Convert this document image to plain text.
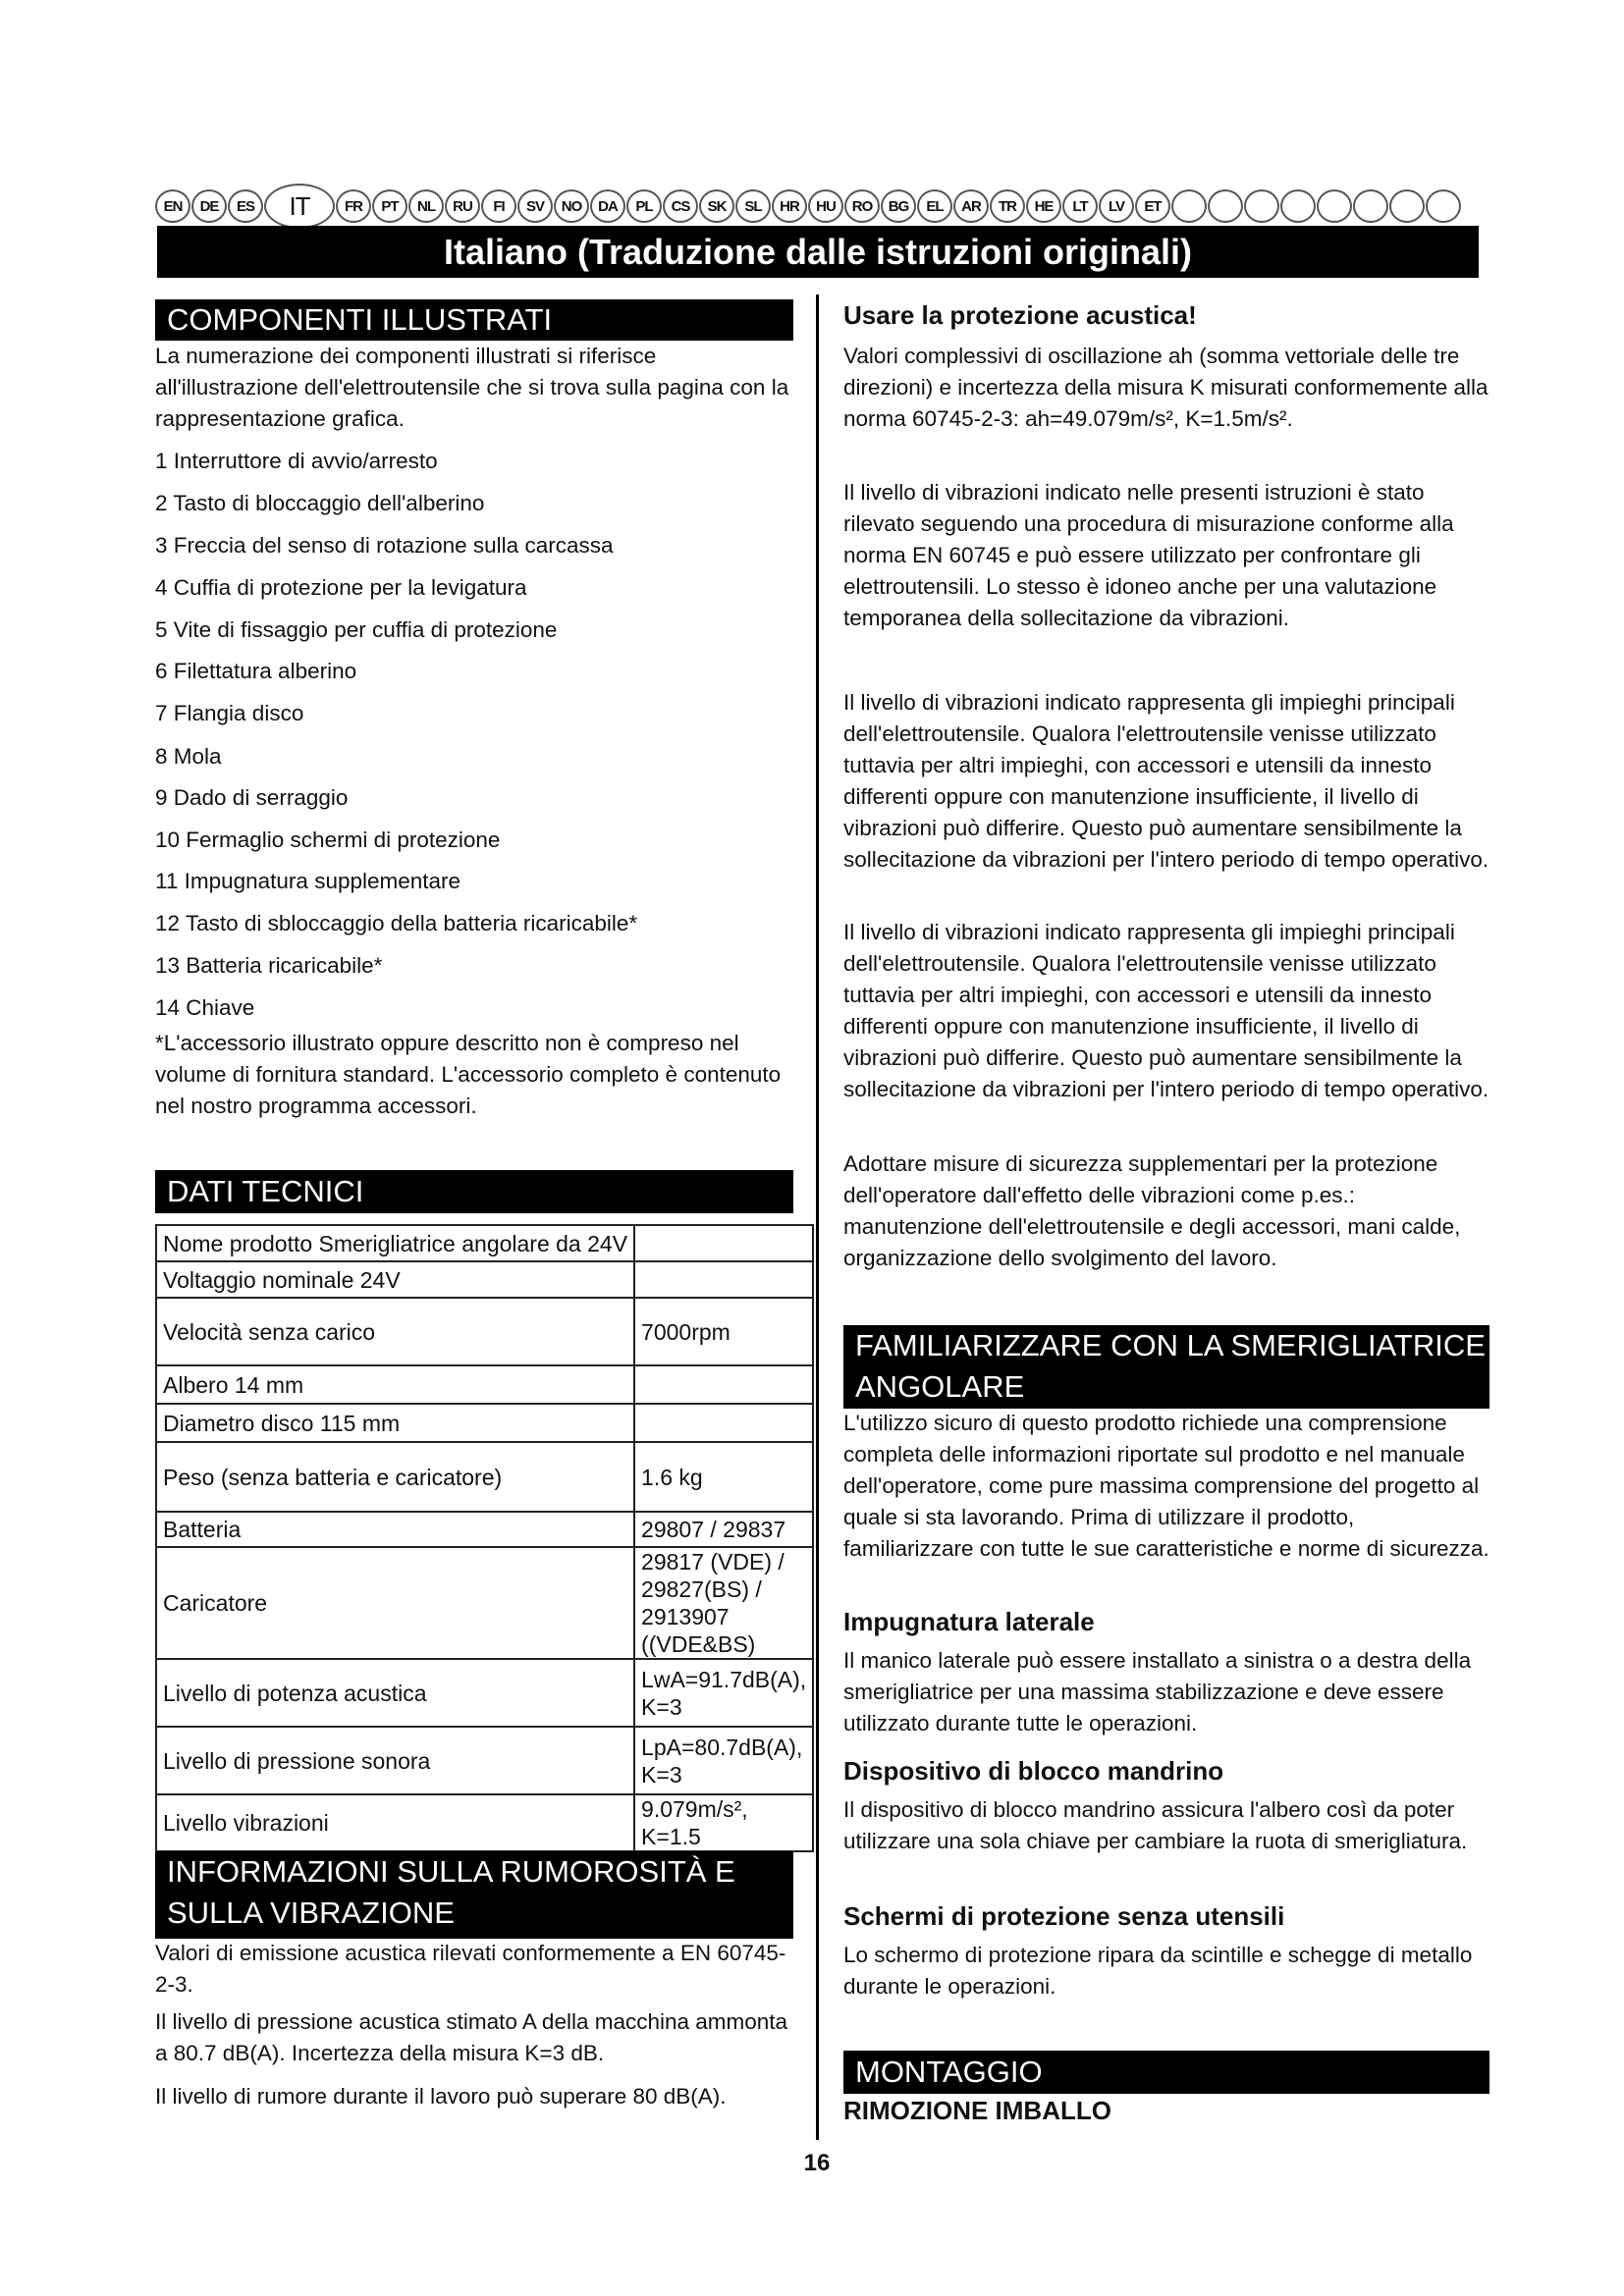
EN	DE	ES	IT	FR	PT	NL	RU	FI	SV	NO	DA	PL	CS	SK	SL	HR	HU	RO	BG	EL	AR	TR	HE	LT	LV	ET
Italiano (Traduzione dalle istruzioni originali)
COMPONENTI ILLUSTRATI
La numerazione dei componenti illustrati si riferisce all'illustrazione dell'elettroutensile che si trova sulla pagina con la rappresentazione grafica.
1 Interruttore di avvio/arresto
2 Tasto di bloccaggio dell'alberino
3 Freccia del senso di rotazione sulla carcassa
4 Cuffia di protezione per la levigatura
5 Vite di fissaggio per cuffia di protezione
6 Filettatura alberino
7 Flangia disco
8 Mola
9 Dado di serraggio
10 Fermaglio schermi di protezione
11 Impugnatura supplementare
12 Tasto di sbloccaggio della batteria ricaricabile*
13 Batteria ricaricabile*
14 Chiave
*L'accessorio illustrato oppure descritto non è compreso nel volume di fornitura standard. L'accessorio completo è contenuto nel nostro programma accessori.
DATI TECNICI
Nome prodotto Smerigliatrice angolare da 24V	
Voltaggio nominale 24V	
Velocità senza carico	7000rpm
Albero 14 mm	
Diametro disco 115 mm	
Peso (senza batteria e caricatore)	1.6 kg
Batteria	29807 / 29837
Caricatore	29817 (VDE) / 29827(BS) / 2913907 ((VDE&BS)
Livello di potenza acustica	LwA=91.7dB(A), K=3
Livello di pressione sonora	LpA=80.7dB(A), K=3
Livello vibrazioni	9.079m/s², K=1.5
INFORMAZIONI SULLA RUMOROSITÀ E SULLA VIBRAZIONE
Valori di emissione acustica rilevati conformemente a EN 60745-2-3.
Il livello di pressione acustica stimato A della macchina ammonta a 80.7 dB(A). Incertezza della misura K=3 dB.
Il livello di rumore durante il lavoro può superare 80 dB(A).
Usare la protezione acustica!
Valori complessivi di oscillazione ah (somma vettoriale delle tre direzioni) e incertezza della misura K misurati conformemente alla norma 60745-2-3: ah=49.079m/s², K=1.5m/s².
Il livello di vibrazioni indicato nelle presenti istruzioni è stato rilevato seguendo una procedura di misurazione conforme alla norma EN 60745 e può essere utilizzato per confrontare gli elettroutensili. Lo stesso è idoneo anche per una valutazione temporanea della sollecitazione da vibrazioni.
Il livello di vibrazioni indicato rappresenta gli impieghi principali dell'elettroutensile. Qualora l'elettroutensile venisse utilizzato tuttavia per altri impieghi, con accessori e utensili da innesto differenti oppure con manutenzione insufficiente, il livello di vibrazioni può differire. Questo può aumentare sensibilmente la sollecitazione da vibrazioni per l'intero periodo di tempo operativo.
Il livello di vibrazioni indicato rappresenta gli impieghi principali dell'elettroutensile. Qualora l'elettroutensile venisse utilizzato tuttavia per altri impieghi, con accessori e utensili da innesto differenti oppure con manutenzione insufficiente, il livello di vibrazioni può differire. Questo può aumentare sensibilmente la sollecitazione da vibrazioni per l'intero periodo di tempo operativo.
Adottare misure di sicurezza supplementari per la protezione dell'operatore dall'effetto delle vibrazioni come p.es.: manutenzione dell'elettroutensile e degli accessori, mani calde, organizzazione dello svolgimento del lavoro.
FAMILIARIZZARE CON LA SMERIGLIATRICE ANGOLARE
L'utilizzo sicuro di questo prodotto richiede una comprensione completa delle informazioni riportate sul prodotto e nel manuale dell'operatore, come pure massima comprensione del progetto al quale si sta lavorando. Prima di utilizzare il prodotto, familiarizzare con tutte le sue caratteristiche e norme di sicurezza.
Impugnatura laterale
Il manico laterale può essere installato a sinistra o a destra della smerigliatrice per una massima stabilizzazione e deve essere utilizzato durante tutte le operazioni.
Dispositivo di blocco mandrino
Il dispositivo di blocco mandrino assicura l'albero così da poter utilizzare una sola chiave per cambiare la ruota di smerigliatura.
Schermi di protezione senza utensili
Lo schermo di protezione ripara da scintille e schegge di metallo durante le operazioni.
MONTAGGIO
RIMOZIONE IMBALLO
16
